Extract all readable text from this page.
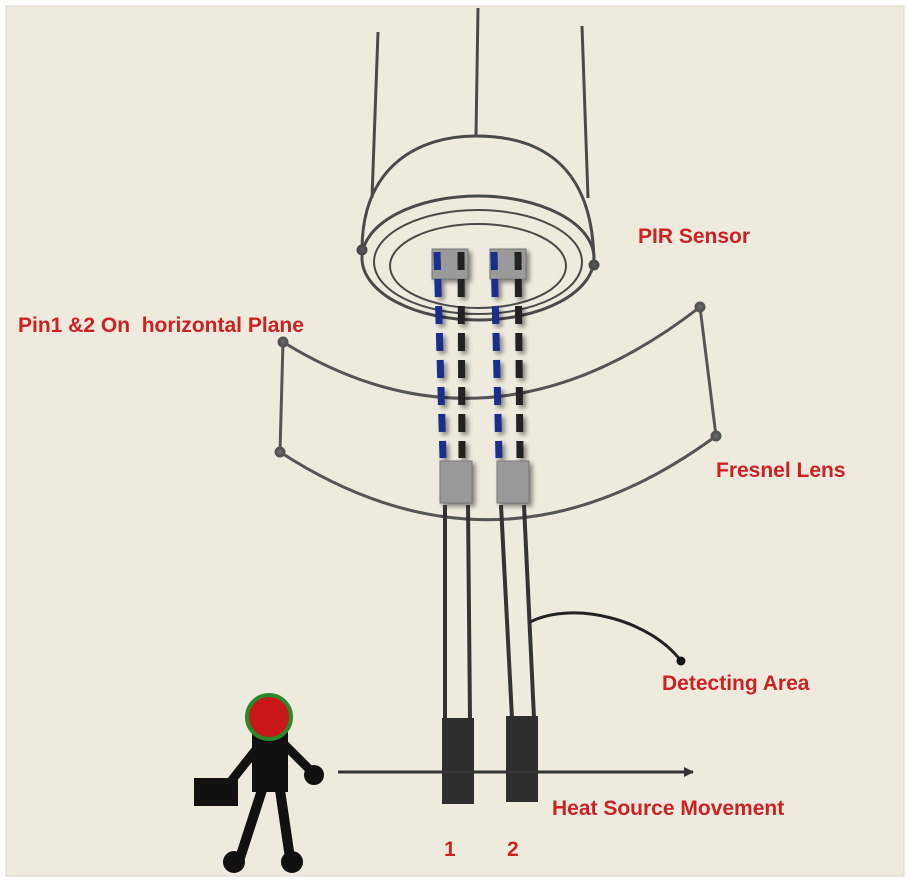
PIR Sensor
Pin1 &2 On  horizontal Plane
Fresnel Lens
Detecting Area
Heat Source Movement
1 2
